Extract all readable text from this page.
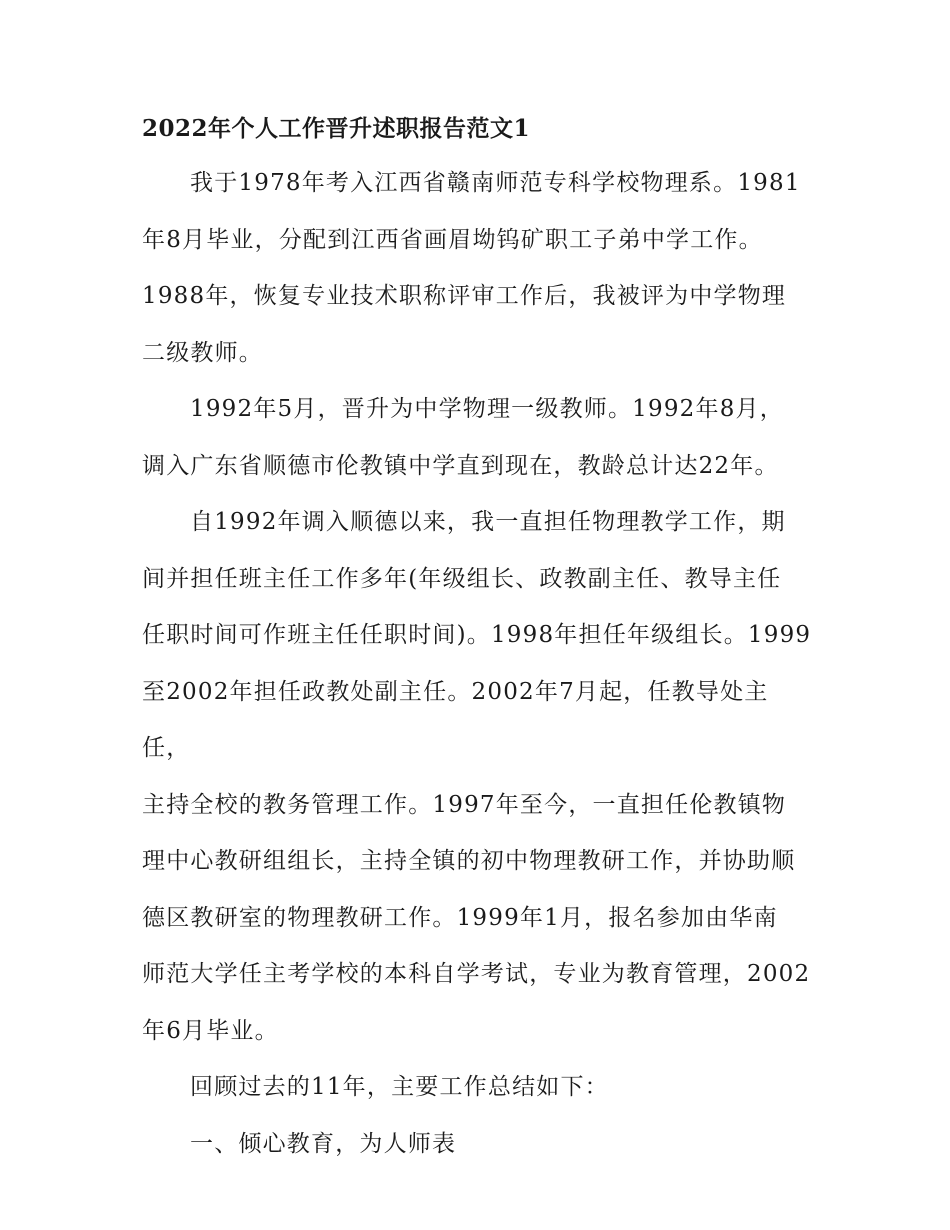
2022年个人工作晋升述职报告范文1

我于1978年考入江西省赣南师范专科学校物理系。1981
年8月毕业，分配到江西省画眉坳钨矿职工子弟中学工作。
1988年，恢复专业技术职称评审工作后，我被评为中学物理
二级教师。

1992年5月，晋升为中学物理一级教师。1992年8月，
调入广东省顺德市伦教镇中学直到现在，教龄总计达22年。

自1992年调入顺德以来，我一直担任物理教学工作，期
间并担任班主任工作多年(年级组长、政教副主任、教导主任
任职时间可作班主任任职时间)。1998年担任年级组长。1999
至2002年担任政教处副主任。2002年7月起，任教导处主任，
主持全校的教务管理工作。1997年至今，一直担任伦教镇物
理中心教研组组长，主持全镇的初中物理教研工作，并协助顺
德区教研室的物理教研工作。1999年1月，报名参加由华南
师范大学任主考学校的本科自学考试，专业为教育管理，2002
年6月毕业。

回顾过去的11年，主要工作总结如下：

一、倾心教育，为人师表
